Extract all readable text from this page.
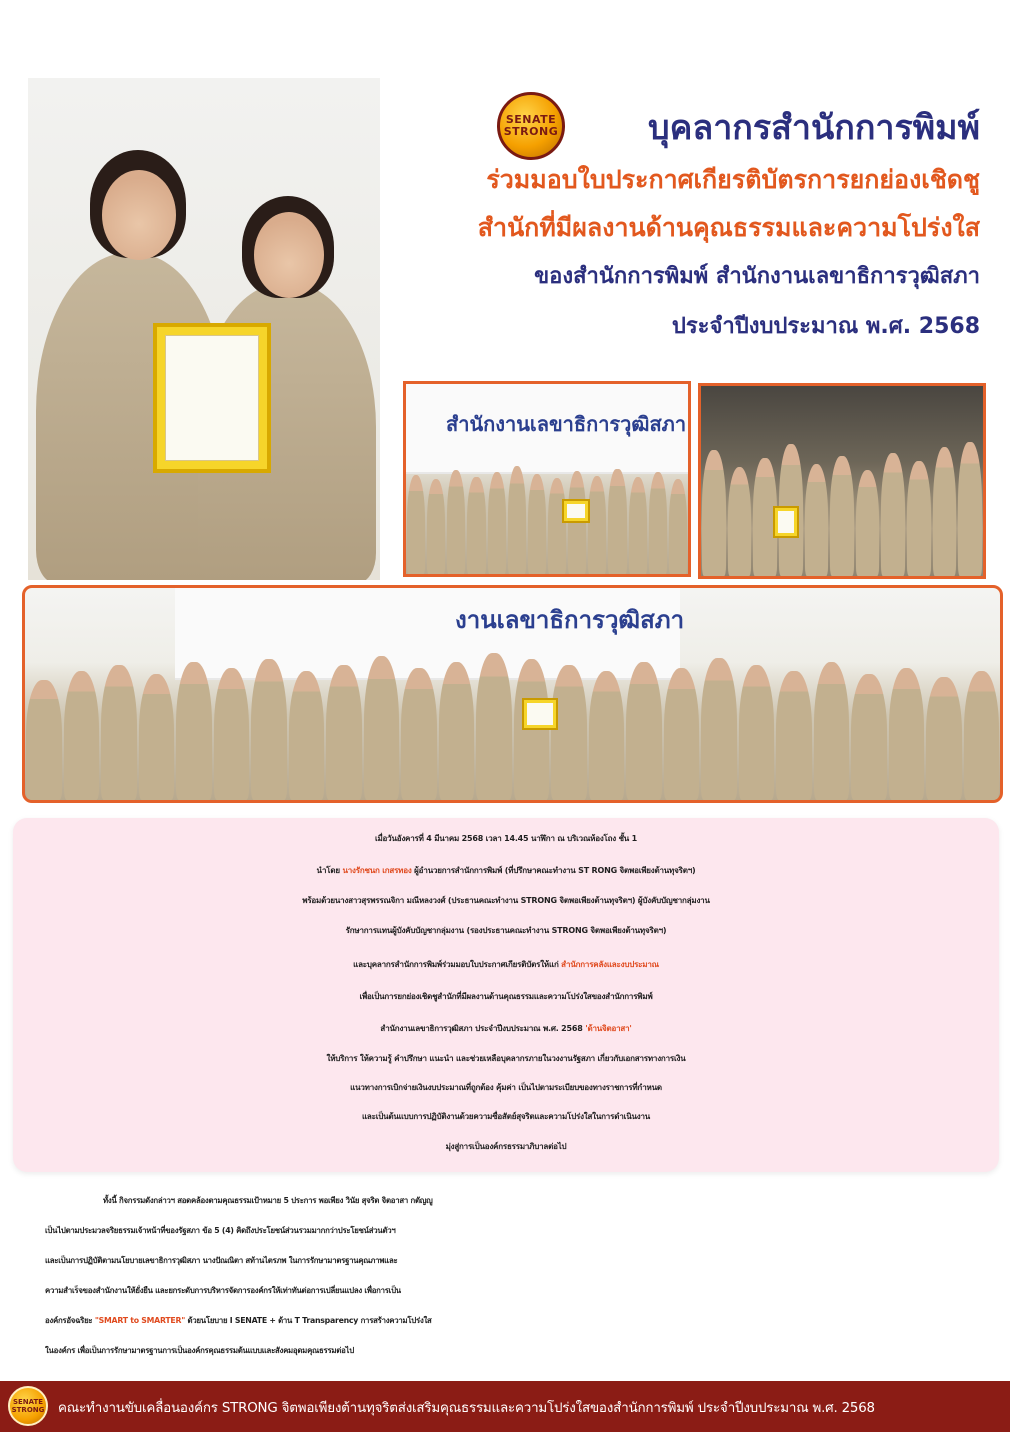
SENATE
STRONG	บุคลากรสำนักการพิมพ์
ร่วมมอบใบประกาศเกียรติบัตรการยกย่องเชิดชู
สำนักที่มีผลงานด้านคุณธรรมและความโปร่งใส
ของสำนักการพิมพ์ สำนักงานเลขาธิการวุฒิสภา
ประจำปีงบประมาณ พ.ศ. 2568
สำนักงานเลขาธิการวุฒิสภา
งานเลขาธิการวุฒิสภา
เมื่อวันอังคารที่ 4 มีนาคม 2568 เวลา 14.45 นาฬิกา ณ บริเวณห้องโถง ชั้น 1
นำโดย นางรักชนก เกสรทอง ผู้อำนวยการสำนักการพิมพ์ (ที่ปรึกษาคณะทำงาน ST RONG จิตพอเพียงต้านทุจริตฯ)
พร้อมด้วยนางสาวสุรพรรณจิกา มณีหลงวงศ์ (ประธานคณะทำงาน STRONG จิตพอเพียงต้านทุจริตฯ) ผู้บังคับบัญชากลุ่มงาน
รักษาการแทนผู้บังคับบัญชากลุ่มงาน (รองประธานคณะทำงาน STRONG จิตพอเพียงต้านทุจริตฯ)
และบุคลากรสำนักการพิมพ์ร่วมมอบใบประกาศเกียรติบัตรให้แก่ สำนักการคลังและงบประมาณ
เพื่อเป็นการยกย่องเชิดชูสำนักที่มีผลงานด้านคุณธรรมและความโปร่งใสของสำนักการพิมพ์
สำนักงานเลขาธิการวุฒิสภา ประจำปีงบประมาณ พ.ศ. 2568 'ด้านจิตอาสา'
ให้บริการ ให้ความรู้ คำปรึกษา แนะนำ และช่วยเหลือบุคลากรภายในวงงานรัฐสภา เกี่ยวกับเอกสารทางการเงิน
แนวทางการเบิกจ่ายเงินงบประมาณที่ถูกต้อง คุ้มค่า เป็นไปตามระเบียบของทางราชการที่กำหนด
และเป็นต้นแบบการปฏิบัติงานด้วยความซื่อสัตย์สุจริตและความโปร่งใสในการดำเนินงาน
มุ่งสู่การเป็นองค์กรธรรมาภิบาลต่อไป
ทั้งนี้ กิจกรรมดังกล่าวฯ สอดคล้องตามคุณธรรมเป้าหมาย 5 ประการ พอเพียง วินัย สุจริต จิตอาสา กตัญญู
เป็นไปตามประมวลจริยธรรมเจ้าหน้าที่ของรัฐสภา ข้อ 5 (4) คิดถึงประโยชน์ส่วนรวมมากกว่าประโยชน์ส่วนตัวฯ
และเป็นการปฏิบัติตามนโยบายเลขาธิการวุฒิสภา นางปัณณิตา สท้านไตรภพ ในการรักษามาตรฐานคุณภาพและ
ความสำเร็จของสำนักงานให้ยั่งยืน และยกระดับการบริหารจัดการองค์กรให้เท่าทันต่อการเปลี่ยนแปลง เพื่อการเป็น
องค์กรอัจฉริยะ "SMART to SMARTER" ด้วยนโยบาย I SENATE + ด้าน T Transparency การสร้างความโปร่งใส
ในองค์กร เพื่อเป็นการรักษามาตรฐานการเป็นองค์กรคุณธรรมต้นแบบและสังคมอุดมคุณธรรมต่อไป
SENATE
STRONG คณะทำงานขับเคลื่อนองค์กร STRONG จิตพอเพียงต้านทุจริตส่งเสริมคุณธรรมและความโปร่งใสของสำนักการพิมพ์ ประจำปีงบประมาณ พ.ศ. 2568
